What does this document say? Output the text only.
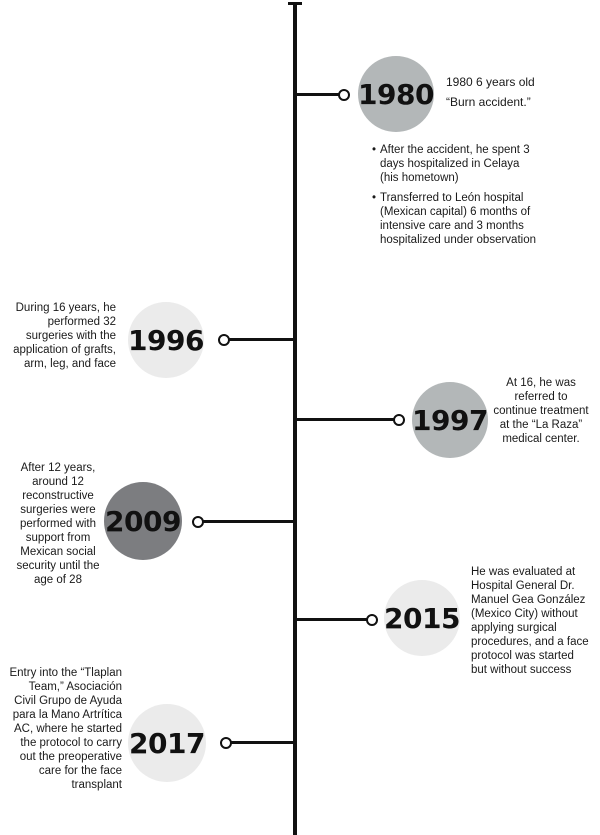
1980 1980 6 years old
“Burn accident.”
• After the accident, he spent 3 days hospitalized in Celaya (his hometown)
• Transferred to León hospital (Mexican capital) 6 months of intensive care and 3 months hospitalized under observation
During 16 years, he performed 32 surgeries with the application of grafts, arm, leg, and face
1996
1997
At 16, he was referred to continue treatment at the “La Raza” medical center.
After 12 years, around 12 reconstructive surgeries were performed with support from Mexican social security until the age of 28
2009
2015
He was evaluated at Hospital General Dr. Manuel Gea González (Mexico City) without applying surgical procedures, and a face protocol was started but without success
Entry into the “Tlaplan Team,” Asociación Civil Grupo de Ayuda para la Mano Artrítica AC, where he started the protocol to carry out the preoperative care for the face transplant
2017
